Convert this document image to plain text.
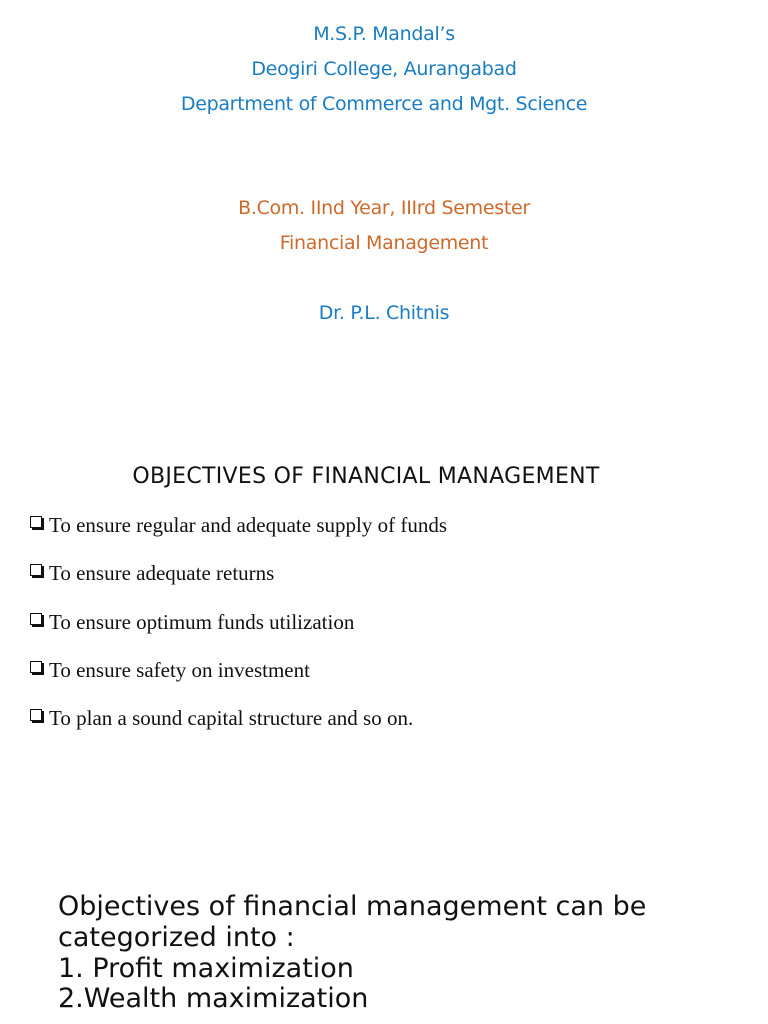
M.S.P. Mandal’s
Deogiri College, Aurangabad
Department of Commerce and Mgt. Science
B.Com. IInd Year, IIIrd Semester
Financial Management
Dr. P.L. Chitnis
OBJECTIVES OF FINANCIAL MANAGEMENT
To ensure regular and adequate supply of funds
To ensure adequate returns
To ensure optimum funds utilization
To ensure safety on investment
To plan a sound capital structure and so on.
Objectives of financial management can be
categorized into :
1. Profit maximization
2.Wealth maximization
